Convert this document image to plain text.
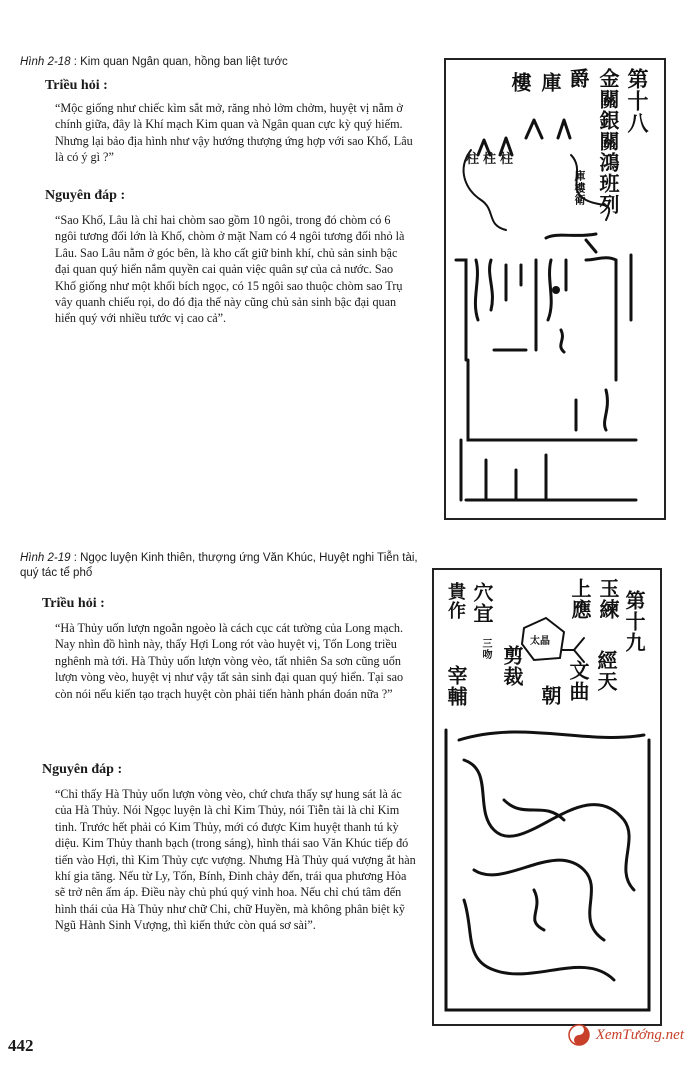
Hình 2-18 : Kim quan Ngân quan, hồng ban liệt tước
Triều hỏi :
“Mộc giống như chiếc kìm sắt mở, răng nhỏ lởm chởm, huyệt vị nằm ở chính giữa, đây là Khí mạch Kim quan và Ngân quan cực kỳ quý hiếm. Nhưng lại bảo địa hình như vậy hướng thượng ứng hợp với sao Khố, Lâu là có ý gì ?”
Nguyên đáp :
“Sao Khố, Lâu là chỉ hai chòm sao gồm 10 ngôi, trong đó chòm có 6 ngôi tương đối lớn là Khố, chòm ở mặt Nam có 4 ngôi tương đối nhỏ là Lâu. Sao Lâu nằm ở góc bên, là kho cất giữ binh khí, chủ sản sinh bậc đại quan quý hiển nắm quyền cai quản việc quân sự của cả nước. Sao Khố giống như một khối bích ngọc, có 15 ngôi sao thuộc chòm sao Trụ vây quanh chiếu rọi, do đó địa thế này cũng chủ sản sinh bậc đại quan hiển quý với nhiều tước vị cao cả”.
第十八
金關銀關鴻班列
爵
庫
樓
柱柱柱
庫樓衛
Hình 2-19 : Ngọc luyện Kinh thiên, thượng ứng Văn Khúc, Huyệt nghi Tiễn tài, quý tác tể phổ
Triều hỏi :
“Hà Thủy uốn lượn ngoằn ngoèo là cách cục cát tường của Long mạch. Nay nhìn đồ hình này, thấy Hợi Long rót vào huyệt vị, Tốn Long triều nghênh mà tới. Hà Thủy uốn lượn vòng vèo, tất nhiên Sa sơn cũng uốn lượn vòng vèo, huyệt vị như vậy tất sản sinh đại quan quý hiển. Tại sao còn nói nếu kiến tạo trạch huyệt còn phải tiến hành phán đoán nữa ?”
Nguyên đáp :
“Chỉ thấy Hà Thủy uốn lượn vòng vèo, chứ chưa thấy sự hung sát là ác của Hà Thủy. Nói Ngọc luyện là chỉ Kim Thủy, nói Tiễn tài là chỉ Kim tinh. Trước hết phải có Kim Thủy, mới có được Kim huyệt thanh tú kỳ diệu. Kim Thủy thanh bạch (trong sáng), hình thái sao Văn Khúc tiếp đó tiến vào Hợi, thì Kim Thủy cực vượng. Nhưng Hà Thủy quá vượng ắt hàn khí gia tăng. Nếu từ Ly, Tốn, Bính, Đinh chảy đến, trái qua phương Hỏa sẽ trở nên ấm áp. Điều này chủ phú quý vinh hoa. Nếu chỉ chú tâm đến hình thái của Hà Thủy như chữ Chi, chữ Huyền, mà không phân biệt kỹ Ngũ Hành Sinh Vượng, thì kiến thức còn quá sơ sài”.
第十九
經天
文曲
玉練
上應
朝
穴宜
剪裁
貴作
宰輔
太晶
三吻
442
XemTướng.net
